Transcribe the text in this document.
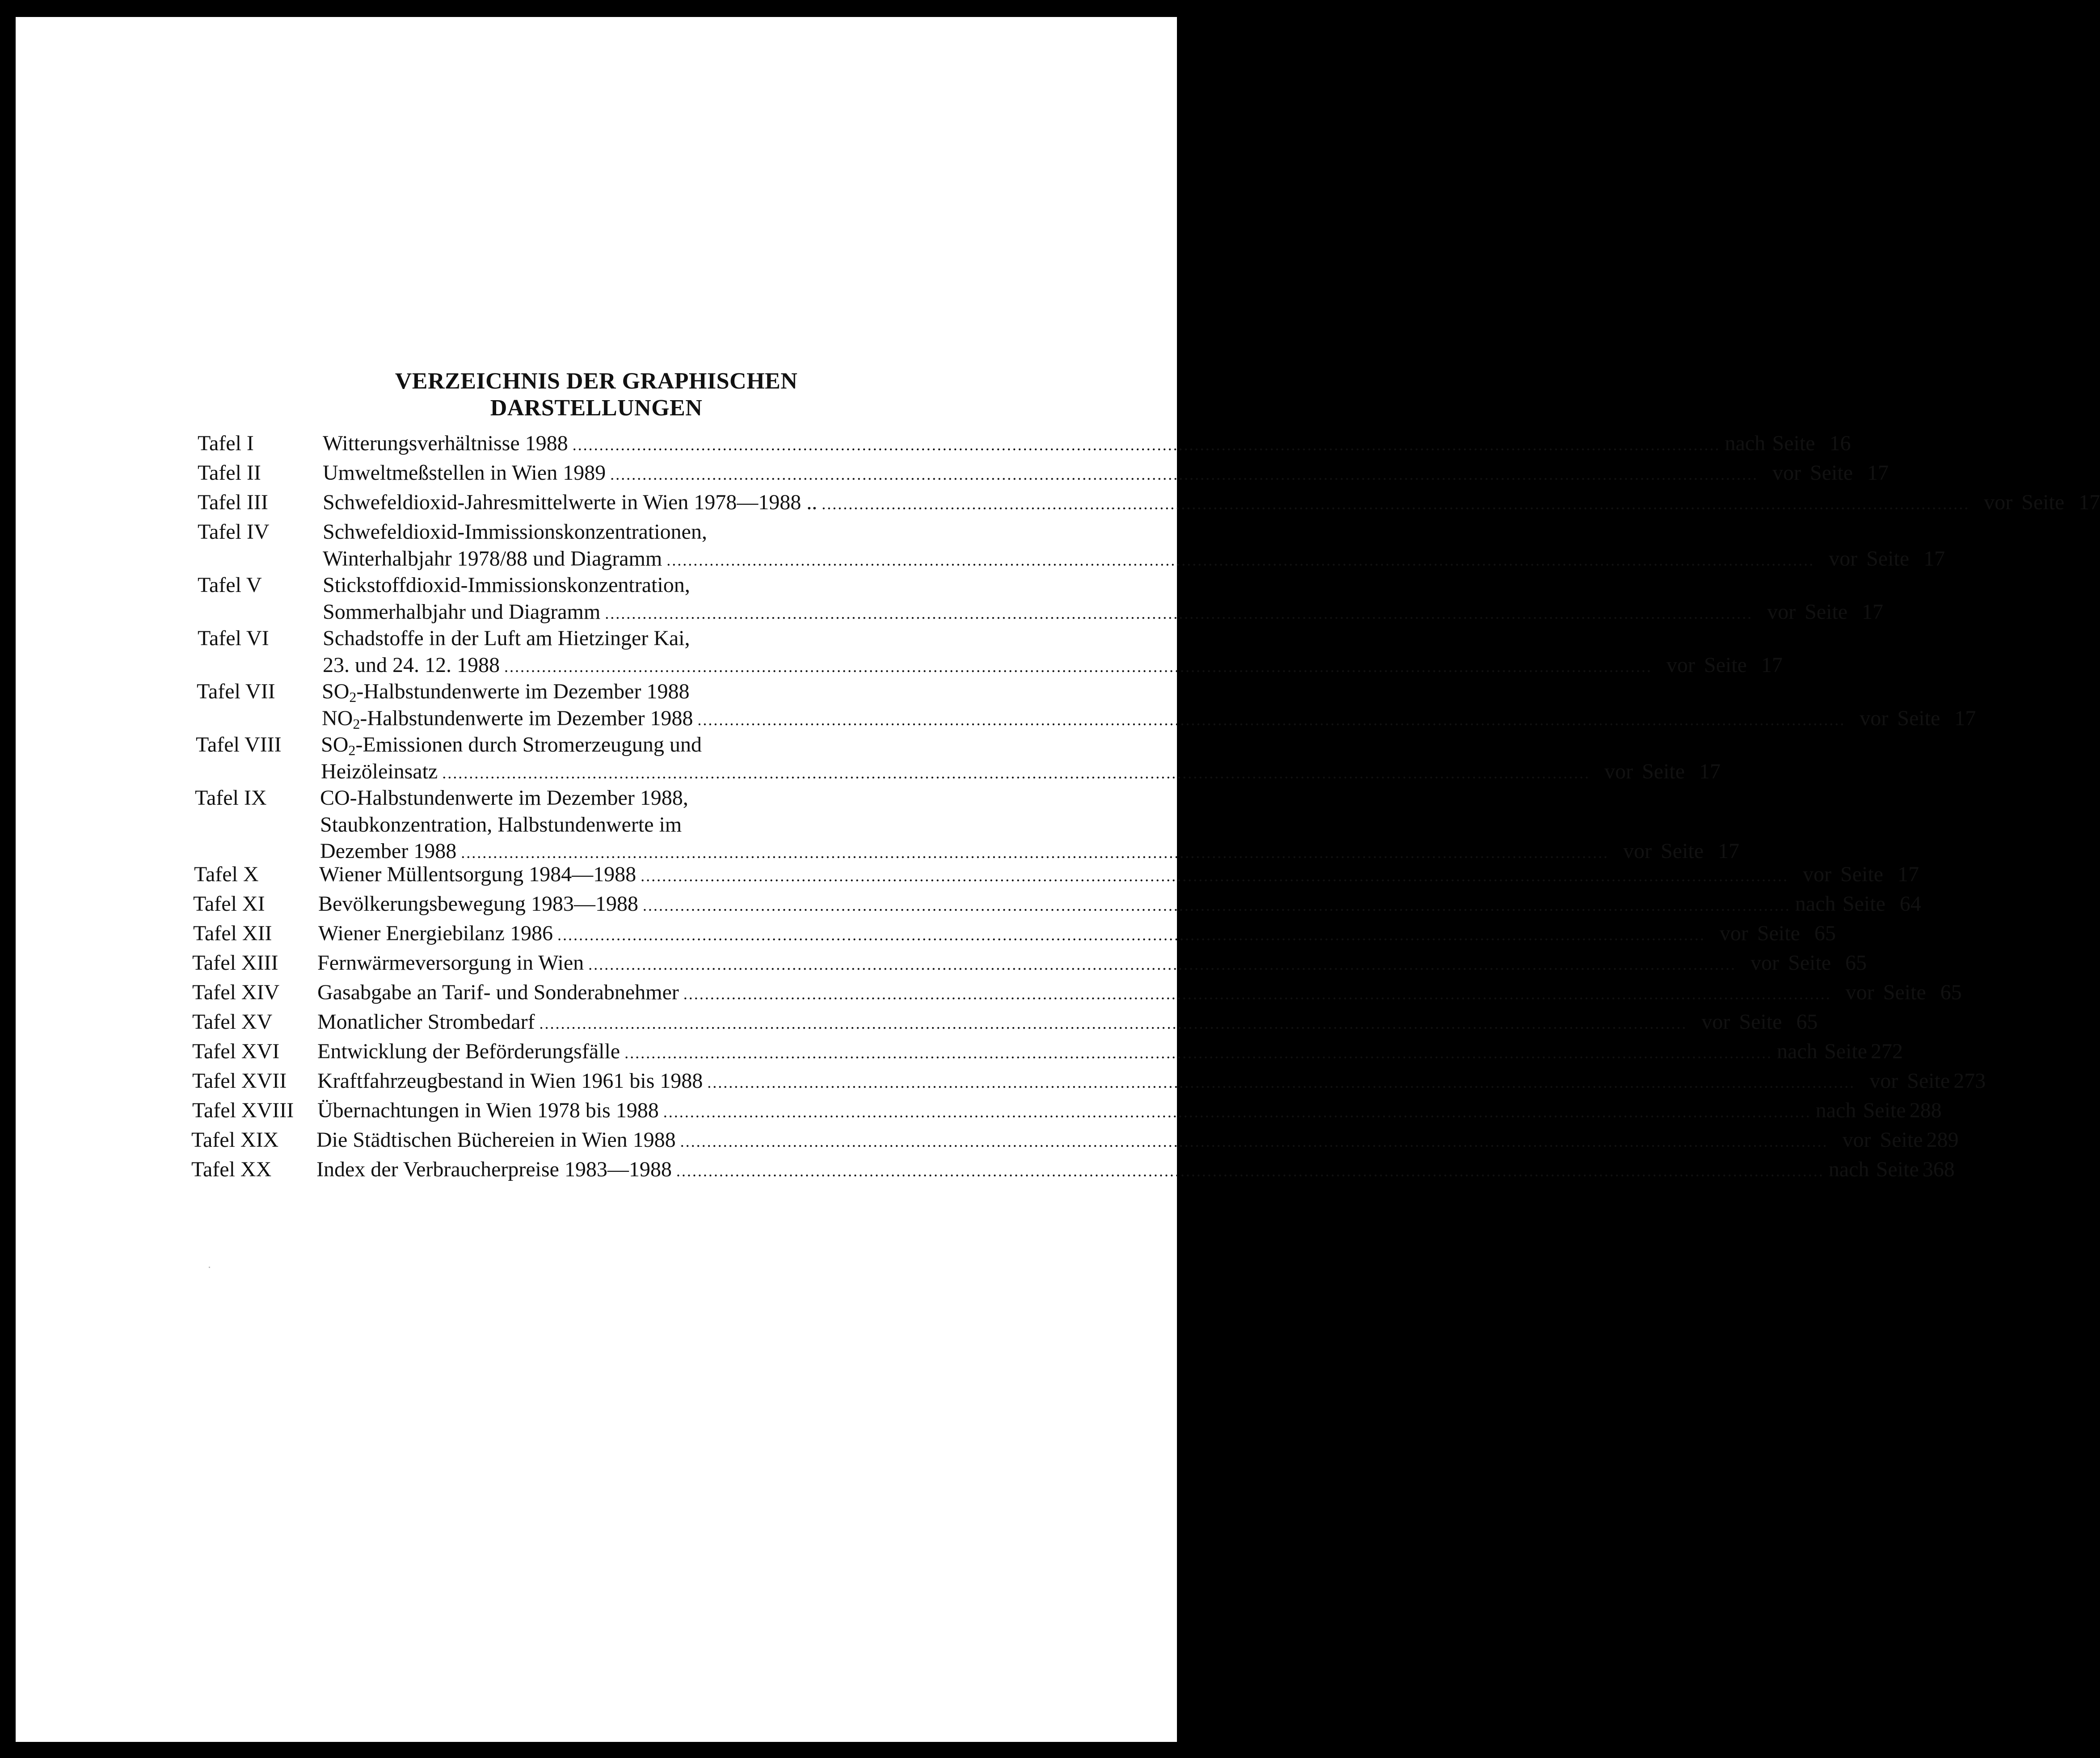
VERZEICHNIS DER GRAPHISCHEN
DARSTELLUNGEN
Tafel I	Witterungsverhältnisse 1988 .....	nach Seite 16
Tafel II	Umweltmeßstellen in Wien 1989 .....	vor Seite 17
Tafel III	Schwefeldioxid-Jahresmittelwerte in Wien 1978—1988 .. .....	vor Seite 17
Tafel IV Schwefeldioxid-Immissionskonzentrationen,
Winterhalbjahr 1978/88 und Diagramm .....	vor Seite 17
Tafel V	Stickstoffdioxid-Immissionskonzentration,
Sommerhalbjahr und Diagramm .....	vor Seite 17
Tafel VI	Schadstoffe in der Luft am Hietzinger Kai,
23. und 24. 12. 1988 .....	vor Seite 17
Tafel VII $SO_2$-Halbstundenwerte im Dezember 1988
$NO_2$-Halbstundenwerte im Dezember 1988 .....	vor Seite 17
Tafel VIII $SO_2$-Emissionen durch Stromerzeugung und
Heizöleinsatz .....	vor Seite 17
Tafel IX CO-Halbstundenwerte im Dezember 1988,
Staubkonzentration, Halbstundenwerte im
Dezember 1988 .....	vor Seite 17
Tafel X	Wiener Müllentsorgung 1984—1988 .....	vor Seite 17
Tafel XI Bevölkerungsbewegung 1983—1988 .....	nach Seite 64
Tafel XII Wiener Energiebilanz 1986 .....	vor Seite 65
Tafel XIII Fernwärmeversorgung in Wien .....	vor Seite 65
Tafel XIV Gasabgabe an Tarif- und Sonderabnehmer .....	vor Seite 65
Tafel XV Monatlicher Strombedarf .....	vor Seite 65
Tafel XVI Entwicklung der Beförderungsfälle .....	nach Seite 272
Tafel XVII Kraftfahrzeugbestand in Wien 1961 bis 1988 .....	vor Seite 273
Tafel XVIII Übernachtungen in Wien 1978 bis 1988 .....	nach Seite 288
Tafel XIX Die Städtischen Büchereien in Wien 1988 .....	vor Seite 289
Tafel XX Index der Verbraucherpreise 1983—1988 .....	nach Seite 368
